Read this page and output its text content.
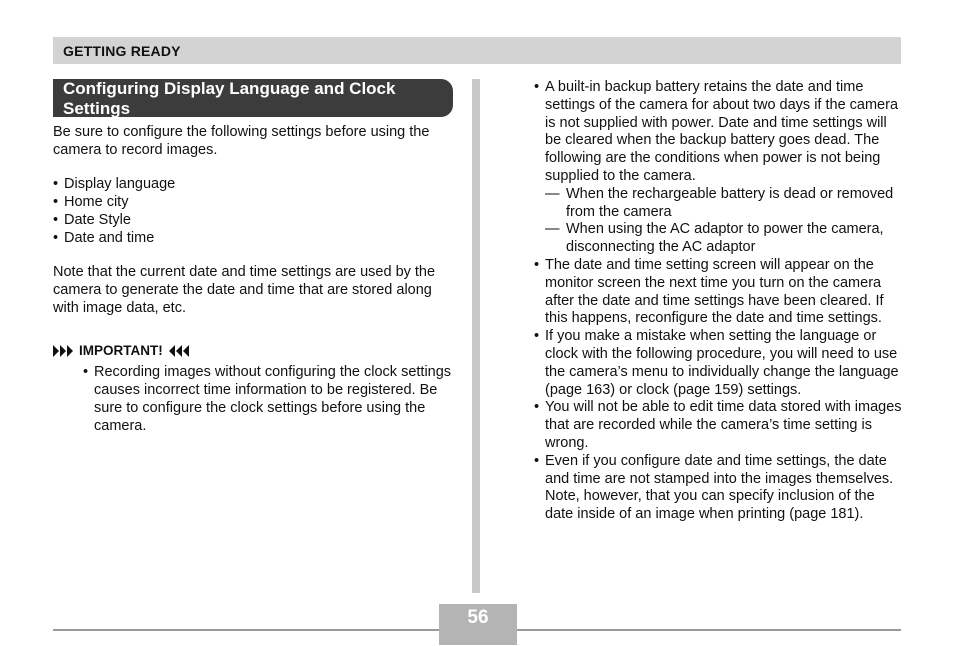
GETTING READY
Configuring Display Language and Clock Settings

Be sure to configure the following settings before using the camera to record images.

• Display language
• Home city
• Date Style
• Date and time

Note that the current date and time settings are used by the camera to generate the date and time that are stored along with image data, etc.

IMPORTANT!
• Recording images without configuring the clock settings causes incorrect time information to be registered. Be sure to configure the clock settings before using the camera.
• A built-in backup battery retains the date and time settings of the camera for about two days if the camera is not supplied with power. Date and time settings will be cleared when the backup battery goes dead. The following are the conditions when power is not being supplied to the camera.
— When the rechargeable battery is dead or removed from the camera
— When using the AC adaptor to power the camera, disconnecting the AC adaptor
• The date and time setting screen will appear on the monitor screen the next time you turn on the camera after the date and time settings have been cleared. If this happens, reconfigure the date and time settings.
• If you make a mistake when setting the language or clock with the following procedure, you will need to use the camera’s menu to individually change the language (page 163) or clock (page 159) settings.
• You will not be able to edit time data stored with images that are recorded while the camera’s time setting is wrong.
• Even if you configure date and time settings, the date and time are not stamped into the images themselves. Note, however, that you can specify inclusion of the date inside of an image when printing (page 181).
56
